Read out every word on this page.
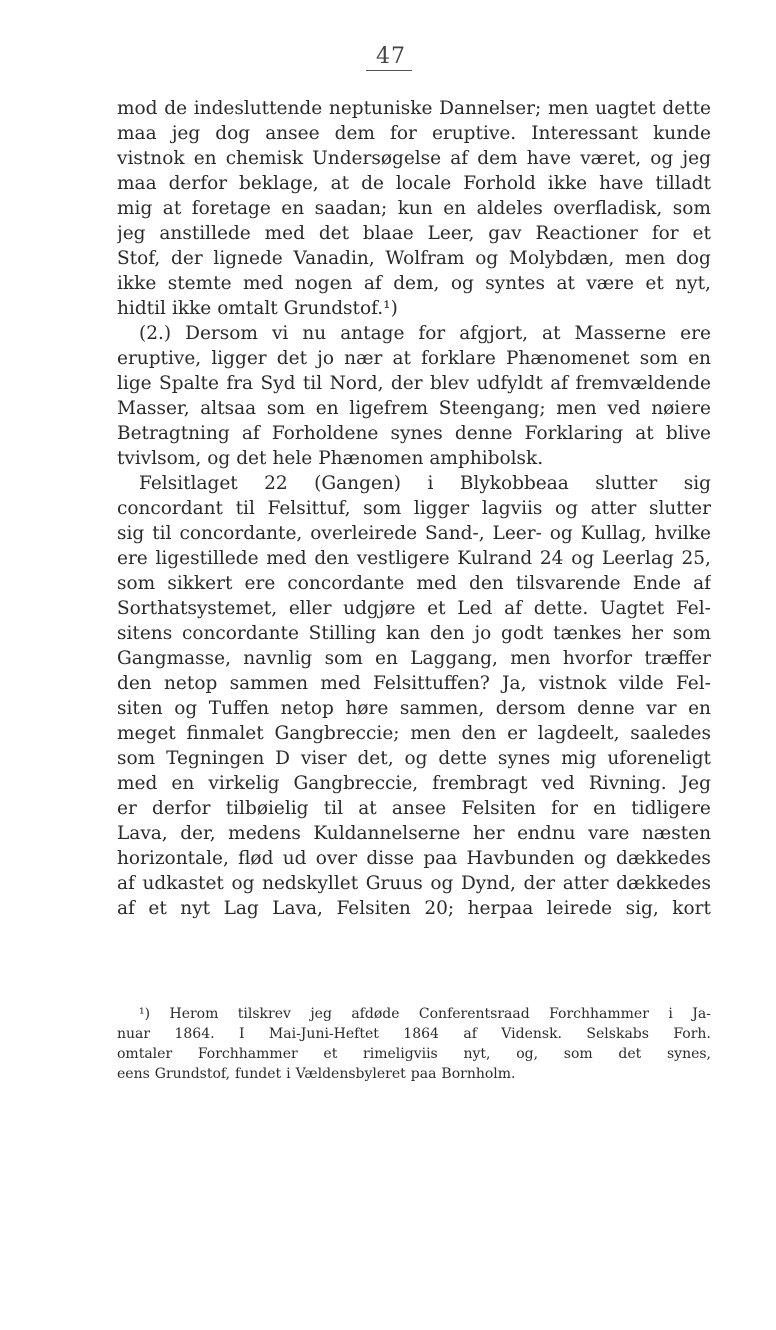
47
mod de indesluttende neptuniske Dannelser; men uagtet dette
maa jeg dog ansee dem for eruptive. Interessant kunde
vistnok en chemisk Undersøgelse af dem have været, og jeg
maa derfor beklage, at de locale Forhold ikke have tilladt
mig at foretage en saadan; kun en aldeles overfladisk, som
jeg anstillede med det blaae Leer, gav Reactioner for et
Stof, der lignede Vanadin, Wolfram og Molybdæn, men dog
ikke stemte med nogen af dem, og syntes at være et nyt,
hidtil ikke omtalt Grundstof.¹)
(2.) Dersom vi nu antage for afgjort, at Masserne ere
eruptive, ligger det jo nær at forklare Phænomenet som en
lige Spalte fra Syd til Nord, der blev udfyldt af fremvældende
Masser, altsaa som en ligefrem Steengang; men ved nøiere
Betragtning af Forholdene synes denne Forklaring at blive
tvivlsom, og det hele Phænomen amphibolsk.
Felsitlaget 22 (Gangen) i Blykobbeaa slutter sig
concordant til Felsittuf, som ligger lagviis og atter slutter
sig til concordante, overleirede Sand-, Leer- og Kullag, hvilke
ere ligestillede med den vestligere Kulrand 24 og Leerlag 25,
som sikkert ere concordante med den tilsvarende Ende af
Sorthatsystemet, eller udgjøre et Led af dette. Uagtet Fel-
sitens concordante Stilling kan den jo godt tænkes her som
Gangmasse, navnlig som en Laggang, men hvorfor træffer
den netop sammen med Felsittuffen? Ja, vistnok vilde Fel-
siten og Tuffen netop høre sammen, dersom denne var en
meget finmalet Gangbreccie; men den er lagdeelt, saaledes
som Tegningen D viser det, og dette synes mig uforeneligt
med en virkelig Gangbreccie, frembragt ved Rivning. Jeg
er derfor tilbøielig til at ansee Felsiten for en tidligere
Lava, der, medens Kuldannelserne her endnu vare næsten
horizontale, flød ud over disse paa Havbunden og dækkedes
af udkastet og nedskyllet Gruus og Dynd, der atter dækkedes
af et nyt Lag Lava, Felsiten 20; herpaa leirede sig, kort
¹) Herom tilskrev jeg afdøde Conferentsraad Forchhammer i Ja-
nuar 1864. I Mai-Juni-Heftet 1864 af Vidensk. Selskabs Forh.
omtaler Forchhammer et rimeligviis nyt, og, som det synes,
eens Grundstof, fundet i Vældensbyleret paa Bornholm.
